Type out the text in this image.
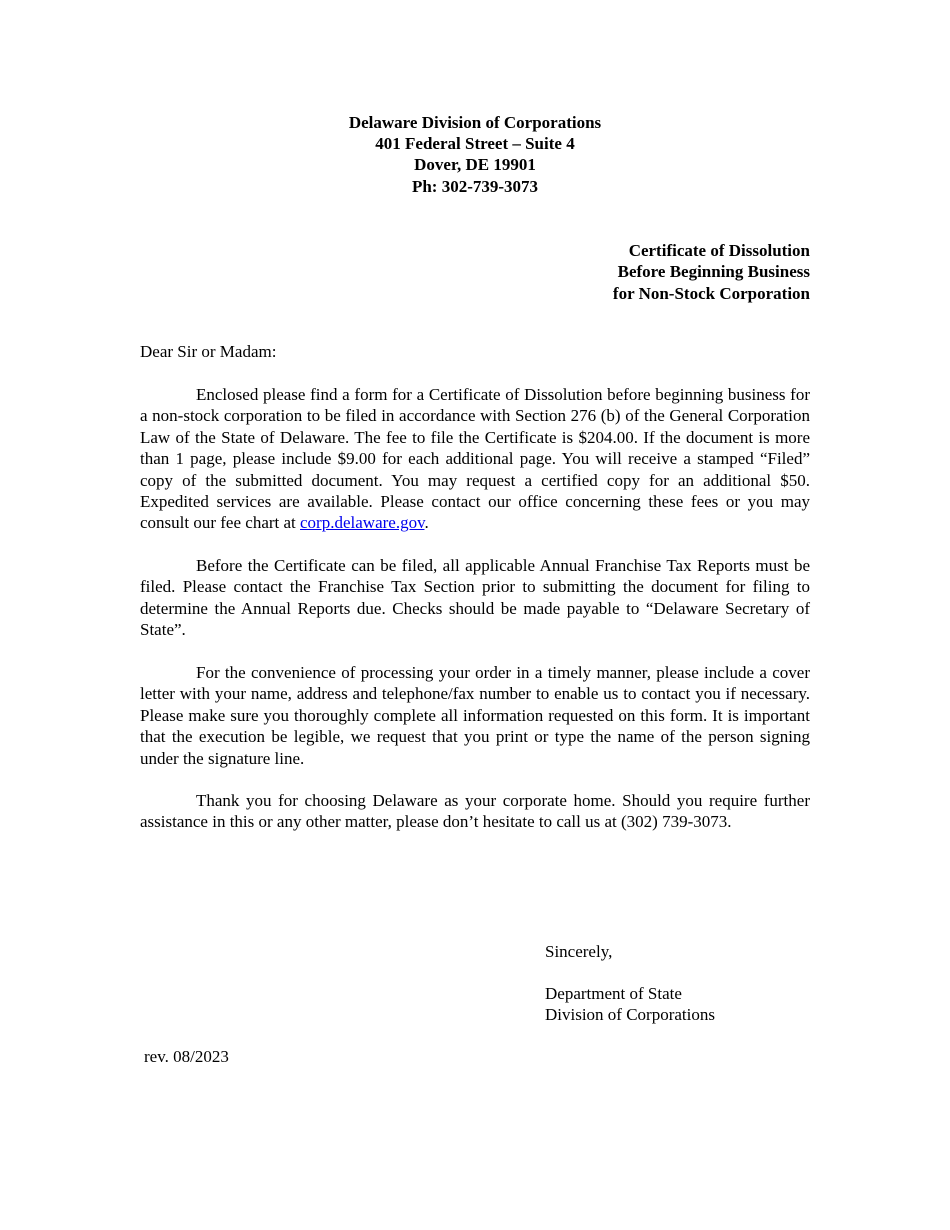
Delaware Division of Corporations
401 Federal Street – Suite 4
Dover, DE 19901
Ph: 302-739-3073
Certificate of Dissolution
Before Beginning Business
for Non-Stock Corporation
Dear Sir or Madam:

Enclosed please find a form for a Certificate of Dissolution before beginning business for a non-stock corporation to be filed in accordance with Section 276 (b) of the General Corporation Law of the State of Delaware. The fee to file the Certificate is $204.00. If the document is more than 1 page, please include $9.00 for each additional page. You will receive a stamped “Filed” copy of the submitted document. You may request a certified copy for an additional $50. Expedited services are available. Please contact our office concerning these fees or you may consult our fee chart at corp.delaware.gov.

Before the Certificate can be filed, all applicable Annual Franchise Tax Reports must be filed. Please contact the Franchise Tax Section prior to submitting the document for filing to determine the Annual Reports due. Checks should be made payable to “Delaware Secretary of State”.

For the convenience of processing your order in a timely manner, please include a cover letter with your name, address and telephone/fax number to enable us to contact you if necessary. Please make sure you thoroughly complete all information requested on this form. It is important that the execution be legible, we request that you print or type the name of the person signing under the signature line.

Thank you for choosing Delaware as your corporate home. Should you require further assistance in this or any other matter, please don’t hesitate to call us at (302) 739-3073.

Sincerely,
Department of State
Division of Corporations
rev. 08/2023
